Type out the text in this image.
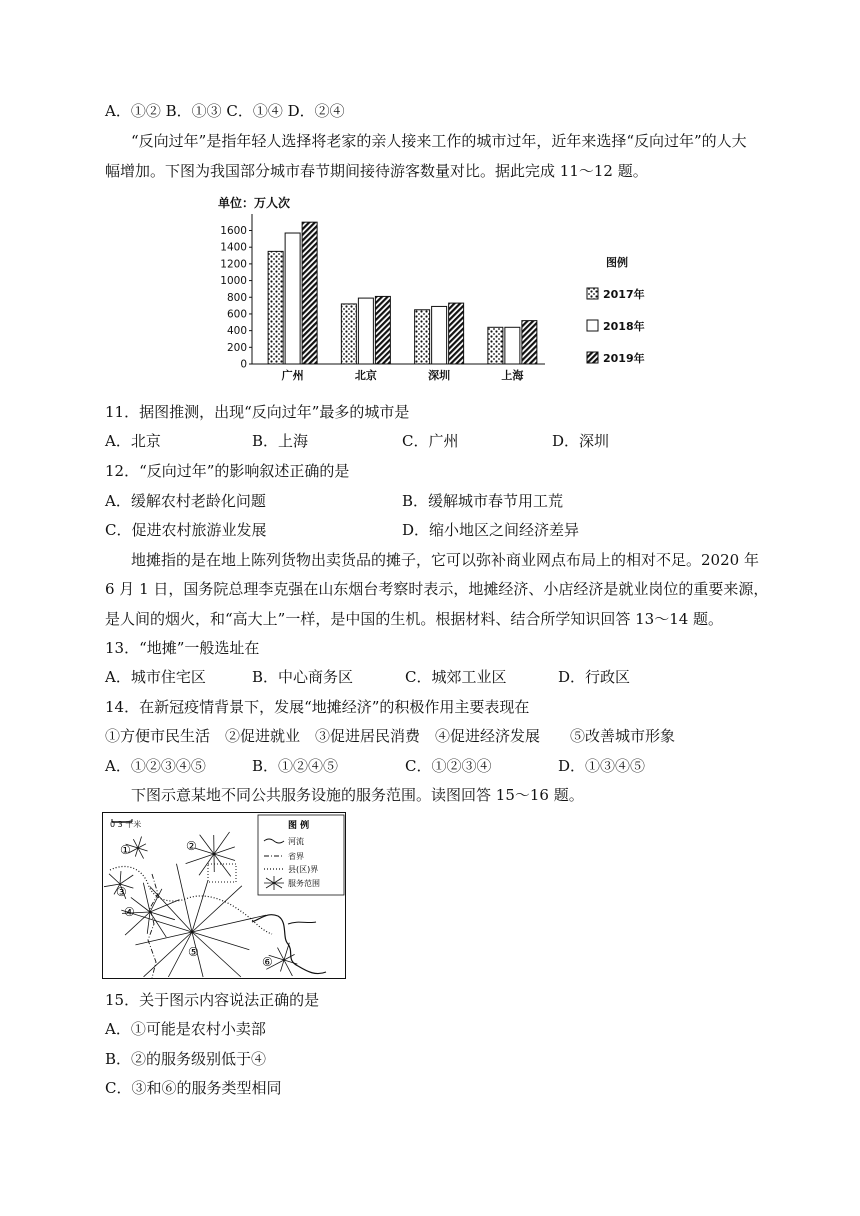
A．①② B．①③ C．①④ D．②④
“反向过年”是指年轻人选择将老家的亲人接来工作的城市过年，近年来选择“反向过年”的人大
幅增加。下图为我国部分城市春节期间接待游客数量对比。据此完成 11～12 题。
单位：万人次
0
200
400
600
800
1000
1200
1400
1600
广州	北京	深圳	上海
图例
2017年
2018年
2019年
11．据图推测，出现“反向过年”最多的城市是
A．北京	B．上海	C．广州	D．深圳
12．“反向过年”的影响叙述正确的是
A．缓解农村老龄化问题	B．缓解城市春节用工荒
C．促进农村旅游业发展	D．缩小地区之间经济差异
地摊指的是在地上陈列货物出卖货品的摊子，它可以弥补商业网点布局上的相对不足。2020 年
6 月 1 日，国务院总理李克强在山东烟台考察时表示，地摊经济、小店经济是就业岗位的重要来源，
是人间的烟火，和“高大上”一样，是中国的生机。根据材料、结合所学知识回答 13～14 题。
13．“地摊”一般选址在
A．城市住宅区	B．中心商务区	C．城郊工业区	D．行政区
14．在新冠疫情背景下，发展“地摊经济”的积极作用主要表现在
①方便市民生活　②促进就业　③促进居民消费　④促进经济发展　　⑤改善城市形象
A．①②③④⑤	B．①②④⑤	C．①②③④	D．①③④⑤
下图示意某地不同公共服务设施的服务范围。读图回答 15～16 题。
0 3 千米	图 例
河流
省界
县(区)界
服务范围
①	②
③
④
⑤
⑥
15．关于图示内容说法正确的是
A．①可能是农村小卖部
B．②的服务级别低于④
C．③和⑥的服务类型相同
